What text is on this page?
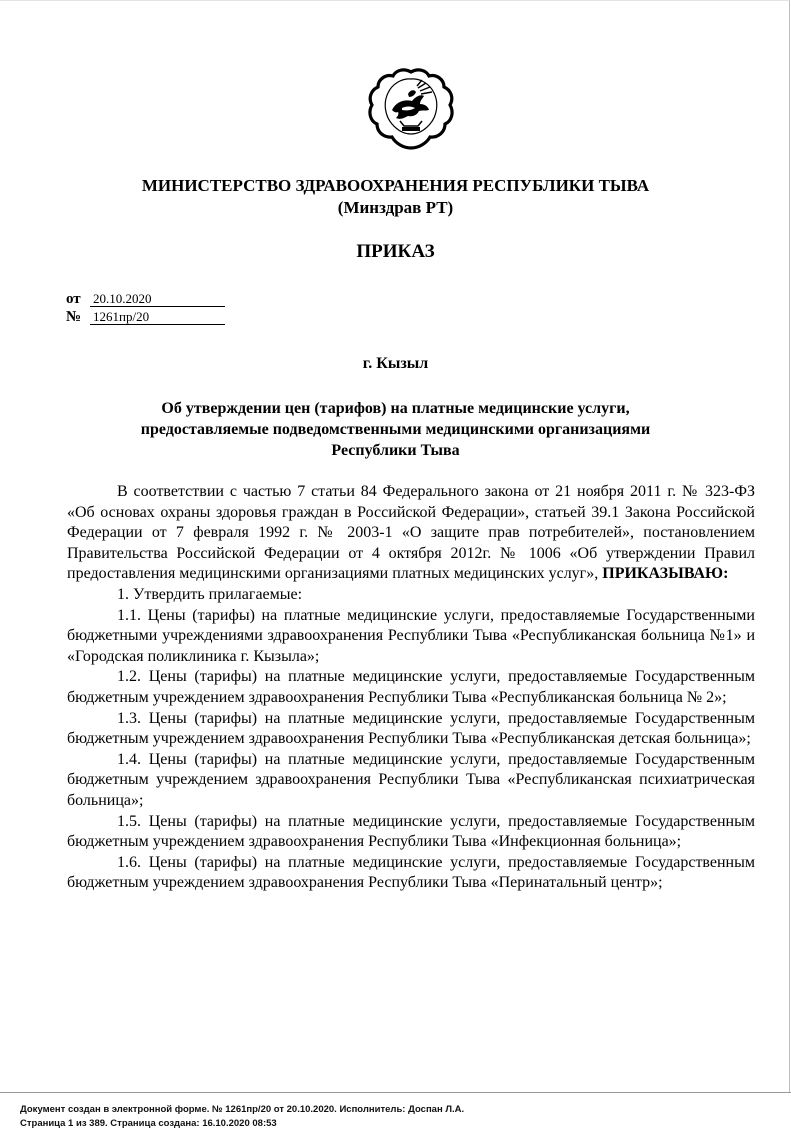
МИНИСТЕРСТВО ЗДРАВООХРАНЕНИЯ РЕСПУБЛИКИ ТЫВА
(Минздрав РТ)
ПРИКАЗ
от 20.10.2020
№ 1261пр/20
г. Кызыл
Об утверждении цен (тарифов) на платные медицинские услуги,
предоставляемые подведомственными медицинскими организациями
Республики Тыва

В соответствии с частью 7 статьи 84 Федерального закона от 21 ноября 2011 г. № 323-ФЗ «Об основах охраны здоровья граждан в Российской Федерации», статьей 39.1 Закона Российской Федерации от 7 февраля 1992 г. № 2003-1 «О защите прав потребителей», постановлением Правительства Российской Федерации от 4 октября 2012г. № 1006 «Об утверждении Правил предоставления медицинскими организациями платных медицинских услуг», ПРИКАЗЫВАЮ:

1. Утвердить прилагаемые:

1.1. Цены (тарифы) на платные медицинские услуги, предоставляемые Государственными бюджетными учреждениями здравоохранения Республики Тыва «Республиканская больница №1» и «Городская поликлиника г. Кызыла»;

1.2. Цены (тарифы) на платные медицинские услуги, предоставляемые Государственным бюджетным учреждением здравоохранения Республики Тыва «Республиканская больница № 2»;

1.3. Цены (тарифы) на платные медицинские услуги, предоставляемые Государственным бюджетным учреждением здравоохранения Республики Тыва «Республиканская детская больница»;

1.4. Цены (тарифы) на платные медицинские услуги, предоставляемые Государственным бюджетным учреждением здравоохранения Республики Тыва «Республиканская психиатрическая больница»;

1.5. Цены (тарифы) на платные медицинские услуги, предоставляемые Государственным бюджетным учреждением здравоохранения Республики Тыва «Инфекционная больница»;

1.6. Цены (тарифы) на платные медицинские услуги, предоставляемые Государственным бюджетным учреждением здравоохранения Республики Тыва «Перинатальный центр»;

Документ создан в электронной форме. № 1261пр/20 от 20.10.2020. Исполнитель: Доспан Л.А.
Страница 1 из 389. Страница создана: 16.10.2020 08:53
